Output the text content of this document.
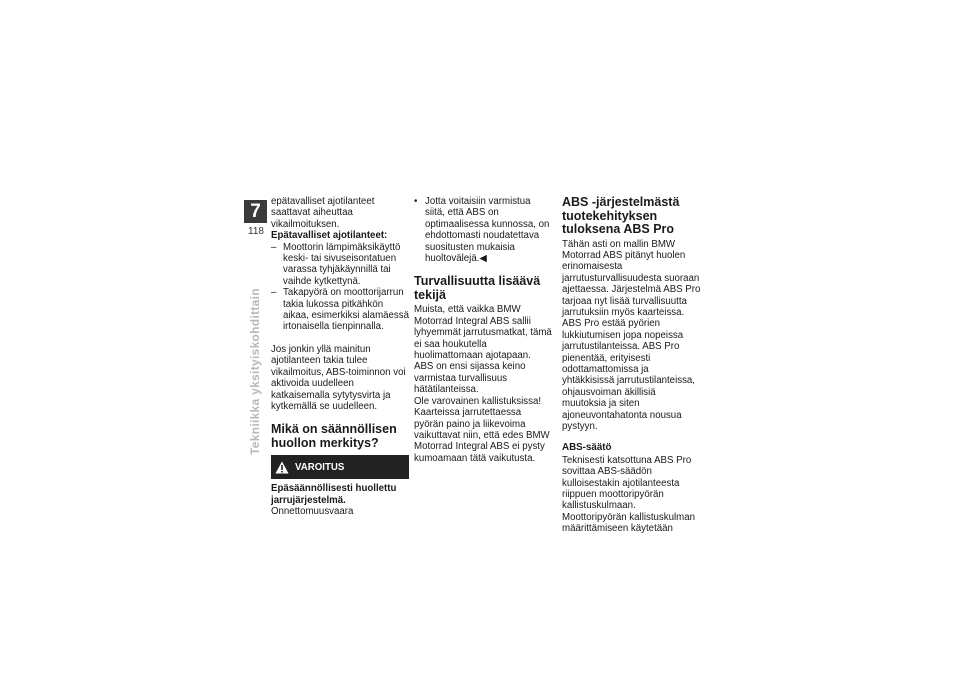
7
118
Tekniikka yksityiskohdittain

epätavalliset ajotilanteet saattavat aiheuttaa vikailmoituksen.

Epätavalliset ajotilanteet:

– Moottorin lämpimäksikäyttö keski- tai sivuseisontatuen varassa tyhjäkäynnillä tai vaihde kytkettynä.
– Takapyörä on moottorijarrun takia lukossa pitkähkön aikaa, esimerkiksi alamäessä irtonaisella tienpinnalla.

Jos jonkin yllä mainitun ajotilanteen takia tulee vikailmoitus, ABS-toiminnon voi aktivoida uudelleen katkaisemalla sytytysvirta ja kytkemällä se uudelleen.

Mikä on säännöllisen huollon merkitys?
VAROITUS

Epäsäännöllisesti huollettu jarrujärjestelmä.

Onnettomuusvaara

• Jotta voitaisiin varmistua siitä, että ABS on optimaalisessa kunnossa, on ehdottomasti noudatettava suositusten mukaisia huoltovälejä.◀
Turvallisuutta lisäävä tekijä

Muista, että vaikka BMW Motorrad Integral ABS sallii lyhyemmät jarrutusmatkat, tämä ei saa houkutella huolimattomaan ajotapaan. ABS on ensi sijassa keino varmistaa turvallisuus hätätilanteissa.

Ole varovainen kallistuksissa! Kaarteissa jarrutettaessa pyörän paino ja liikevoima vaikuttavat niin, että edes BMW Motorrad Integral ABS ei pysty kumoamaan tätä vaikutusta.

ABS -järjestelmästä tuotekehityksen tuloksena ABS Pro

Tähän asti on mallin BMW Motorrad ABS pitänyt huolen erinomaisesta jarrutusturvallisuudesta suoraan ajettaessa. Järjestelmä ABS Pro tarjoaa nyt lisää turvallisuutta jarrutuksiin myös kaarteissa. ABS Pro estää pyörien lukkiutumisen jopa nopeissa jarrutustilanteissa. ABS Pro pienentää, erityisesti odottamattomissa ja yhtäkkisissä jarrutustilanteissa, ohjausvoiman äkillisiä muutoksia ja siten ajoneuvontahatonta nousua pystyyn.

ABS-säätö

Teknisesti katsottuna ABS Pro sovittaa ABS-säädön kulloisestakin ajotilanteesta riippuen moottoripyörän kallistuskulmaan. Moottoripyörän kallistuskulman määrittämiseen käytetään
